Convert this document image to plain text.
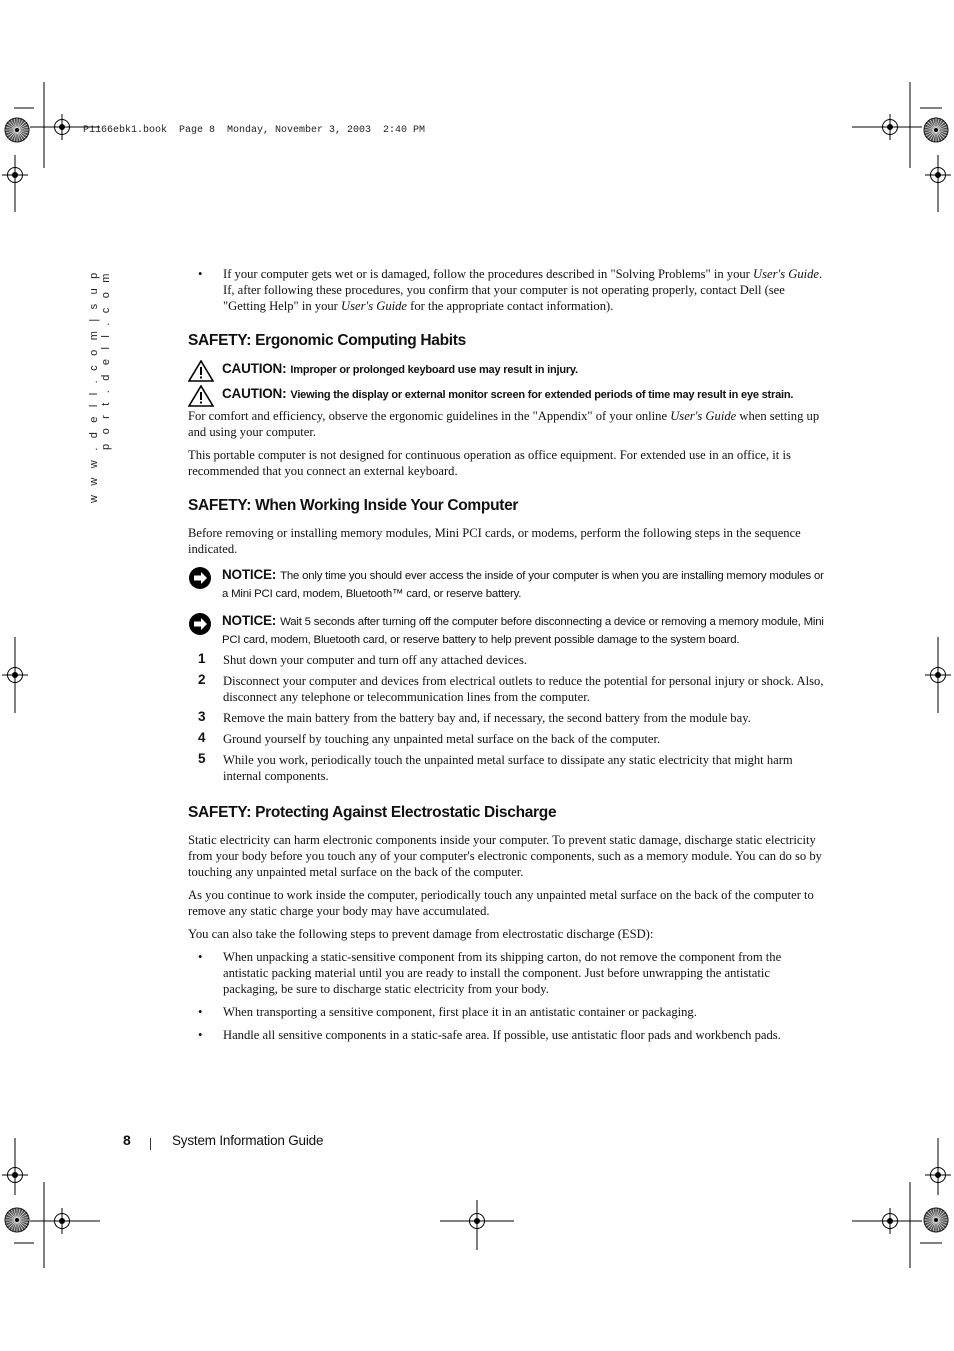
P1166ebk1.book  Page 8  Monday, November 3, 2003  2:40 PM
w w w . d e l l . c o m | s u p p o r t . d e l l . c o m	• If your computer gets wet or is damaged, follow the procedures described in "Solving Problems" in your User's Guide. If, after following these procedures, you confirm that your computer is not operating properly, contact Dell (see "Getting Help" in your User's Guide for the appropriate contact information).
SAFETY: Ergonomic Computing Habits
CAUTION: Improper or prolonged keyboard use may result in injury.
CAUTION: Viewing the display or external monitor screen for extended periods of time may result in eye strain.

For comfort and efficiency, observe the ergonomic guidelines in the "Appendix" of your online User's Guide when setting up and using your computer.

This portable computer is not designed for continuous operation as office equipment. For extended use in an office, it is recommended that you connect an external keyboard.

SAFETY: When Working Inside Your Computer

Before removing or installing memory modules, Mini PCI cards, or modems, perform the following steps in the sequence indicated.

NOTICE: The only time you should ever access the inside of your computer is when you are installing memory modules or a Mini PCI card, modem, Bluetooth™ card, or reserve battery.
NOTICE: Wait 5 seconds after turning off the computer before disconnecting a device or removing a memory module, Mini PCI card, modem, Bluetooth card, or reserve battery to help prevent possible damage to the system board.
1 Shut down your computer and turn off any attached devices.
2 Disconnect your computer and devices from electrical outlets to reduce the potential for personal injury or shock. Also, disconnect any telephone or telecommunication lines from the computer.
3 Remove the main battery from the battery bay and, if necessary, the second battery from the module bay.
4 Ground yourself by touching any unpainted metal surface on the back of the computer.
5 While you work, periodically touch the unpainted metal surface to dissipate any static electricity that might harm internal components.
SAFETY: Protecting Against Electrostatic Discharge

Static electricity can harm electronic components inside your computer. To prevent static damage, discharge static electricity from your body before you touch any of your computer's electronic components, such as a memory module. You can do so by touching any unpainted metal surface on the back of the computer.

As you continue to work inside the computer, periodically touch any unpainted metal surface on the back of the computer to remove any static charge your body may have accumulated.

You can also take the following steps to prevent damage from electrostatic discharge (ESD):

• When unpacking a static-sensitive component from its shipping carton, do not remove the component from the antistatic packing material until you are ready to install the component. Just before unwrapping the antistatic packaging, be sure to discharge static electricity from your body.
• When transporting a sensitive component, first place it in an antistatic container or packaging.
• Handle all sensitive components in a static-safe area. If possible, use antistatic floor pads and workbench pads.
8	System Information Guide
